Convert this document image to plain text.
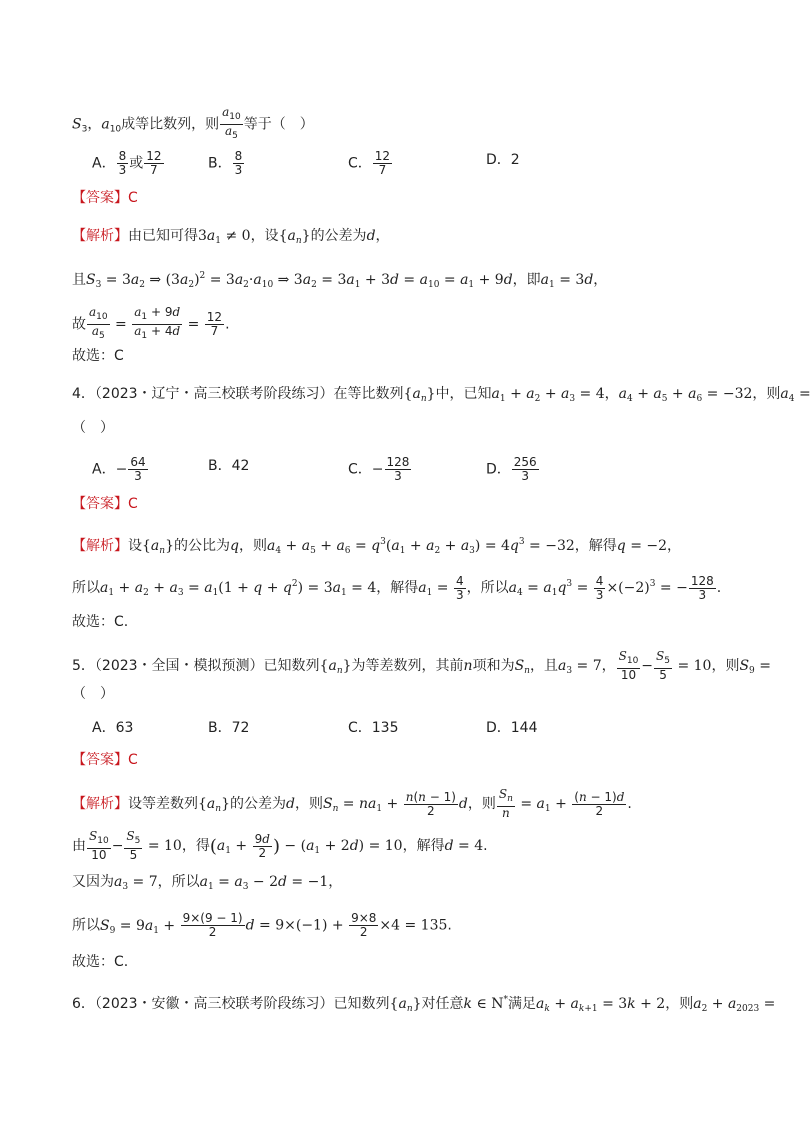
$S_3$，$a_{10}$成等比数列，则 $\frac{a_{10}}{a_5}$ 等于（　）
A． $\frac{8}{3}$ 或 $\frac{12}{7}$	B． $\frac{8}{3}$	C． $\frac{12}{7}$	D．2
【答案】C
【解析】由已知可得$3a_1 \ne 0$，设$\{a_n\}$的公差为d，
且$S_3 = 3a_2$ ⇒ $(3a_2)^2 = 3a_2\cdot a_{10}$ ⇒ $3a_2 = 3a_1 + 3d = a_{10} = a_1 + 9d$，即$a_1 = 3d$，
故 $\frac{a_{10}}{a_5} = \frac{a_1 + 9d}{a_1 + 4d} = \frac{12}{7}$ .
故选：C
4．（2023・辽宁・高三校联考阶段练习）在等比数列$\{a_n\}$中，已知$a_1 + a_2 + a_3 = 4$，$a_4 + a_5 + a_6 = -32$，则$a_4$ =
（　）
A．− $\frac{64}{3}$	B．42	C．− $\frac{128}{3}$	D． $\frac{256}{3}$
【答案】C
【解析】设$\{a_n\}$的公比为q，则$a_4 + a_5 + a_6 = q^3(a_1 + a_2 + a_3) = 4q^3 = -32$，解得q = −2，
所以$a_1 + a_2 + a_3 = a_1(1 + q + q^2) = 3a_1 = 4$，解得$a_1 = \frac{4}{3}$ ，所以$a_4 = a_1q^3 = \frac{4}{3} \times(-2)^3$ = − $\frac{128}{3}$ .
故选：C.
5．（2023・全国・模拟预测）已知数列$\{a_n\}$为等差数列，其前n项和为$S_n$，且$a_3 = 7$， $\frac{S_{10}}{10} - \frac{S_5}{5} = 10$，则$S_9$ =
（　）
A．63	B．72	C．135	D．144
【答案】C
【解析】设等差数列$\{a_n\}$的公差为d，则$S_n = na_1 + \frac{n(n - 1)}{2}$ d，则 $\frac{S_n}{n} = a_1 + \frac{(n - 1)d}{2}$ .
由 $\frac{S_{10}}{10} - \frac{S_5}{5} = 10$，得($a_1 + \frac{9d}{2}$ ) − $(a_1 + 2d) = 10$，解得d = 4.
又因为$a_3 = 7$，所以$a_1 = a_3 - 2d = -1$，
所以$S_9 = 9a_1 + \frac{9\times(9 - 1)}{2}$ $d = 9\times(-1) + \frac{9\times 8}{2} \times 4 = 135$.
故选：C.
6．（2023・安徽・高三校联考阶段练习）已知数列$\{a_n\}$对任意k ∈ N*满足$a_k + a_{k+1} = 3k + 2$，则$a_2 + a_{2023}$ =
